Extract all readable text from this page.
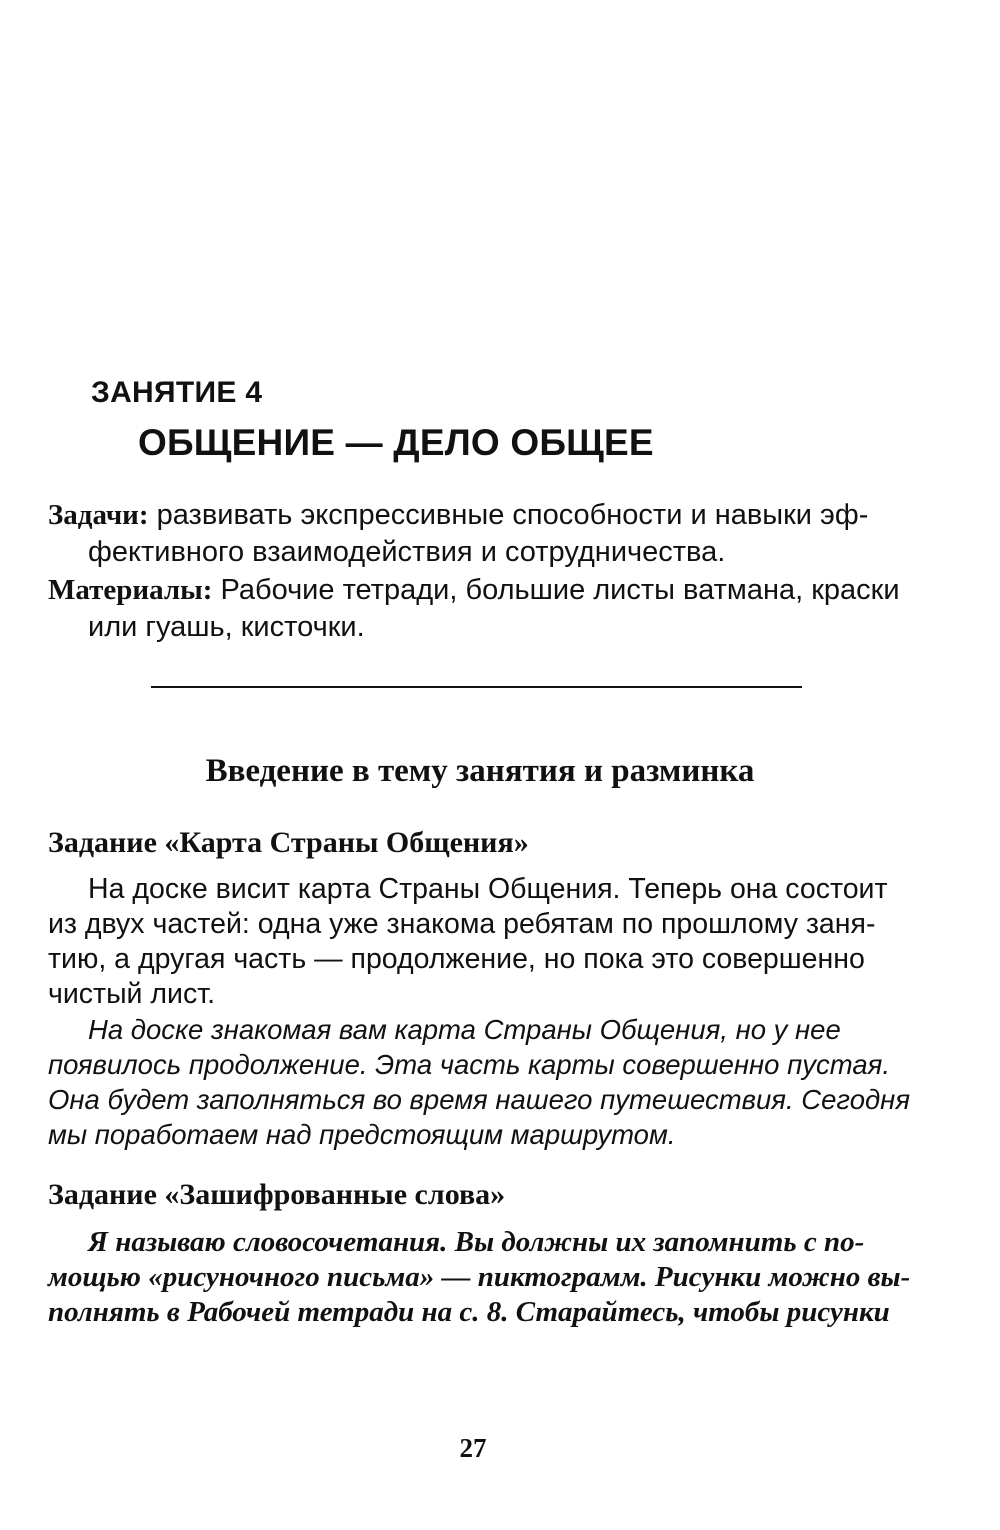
ЗАНЯТИЕ 4
ОБЩЕНИЕ — ДЕЛО ОБЩЕЕ
Задачи: развивать экспрессивные способности и навыки эф-
фективного взаимодействия и сотрудничества.
Материалы: Рабочие тетради, большие листы ватмана, краски
или гуашь, кисточки.
Введение в тему занятия и разминка
Задание «Карта Страны Общения»
На доске висит карта Страны Общения. Теперь она состоит
из двух частей: одна уже знакома ребятам по прошлому заня-
тию, а другая часть — продолжение, но пока это совершенно
чистый лист.
На доске знакомая вам карта Страны Общения, но у нее
появилось продолжение. Эта часть карты совершенно пустая.
Она будет заполняться во время нашего путешествия. Сегодня
мы поработаем над предстоящим маршрутом.
Задание «Зашифрованные слова»
Я называю словосочетания. Вы должны их запомнить с по-
мощью «рисуночного письма» — пиктограмм. Рисунки можно вы-
полнять в Рабочей тетради на с. 8. Старайтесь, чтобы рисунки
27
